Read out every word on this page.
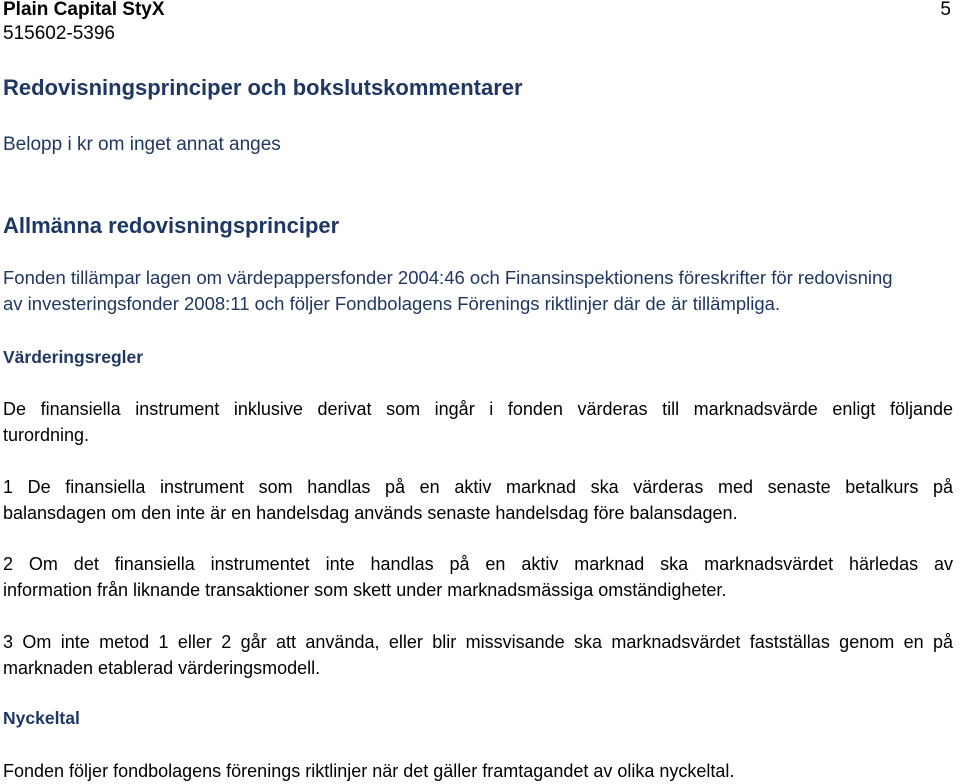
Plain Capital StyX	5
515602-5396
Redovisningsprinciper och bokslutskommentarer
Belopp i kr om inget annat anges
Allmänna redovisningsprinciper
Fonden tillämpar lagen om värdepappersfonder 2004:46 och Finansinspektionens föreskrifter för redovisning
av investeringsfonder 2008:11 och följer Fondbolagens Förenings riktlinjer där de är tillämpliga.
Värderingsregler
De finansiella instrument inklusive derivat som ingår i fonden värderas till marknadsvärde enligt följande
turordning.
1 De finansiella instrument som handlas på en aktiv marknad ska värderas med senaste betalkurs på
balansdagen om den inte är en handelsdag används senaste handelsdag före balansdagen.
2 Om det finansiella instrumentet inte handlas på en aktiv marknad ska marknadsvärdet härledas av
information från liknande transaktioner som skett under marknadsmässiga omständigheter.
3 Om inte metod 1 eller 2 går att använda, eller blir missvisande ska marknadsvärdet fastställas genom en på
marknaden etablerad värderingsmodell.
Nyckeltal
Fonden följer fondbolagens förenings riktlinjer när det gäller framtagandet av olika nyckeltal.
